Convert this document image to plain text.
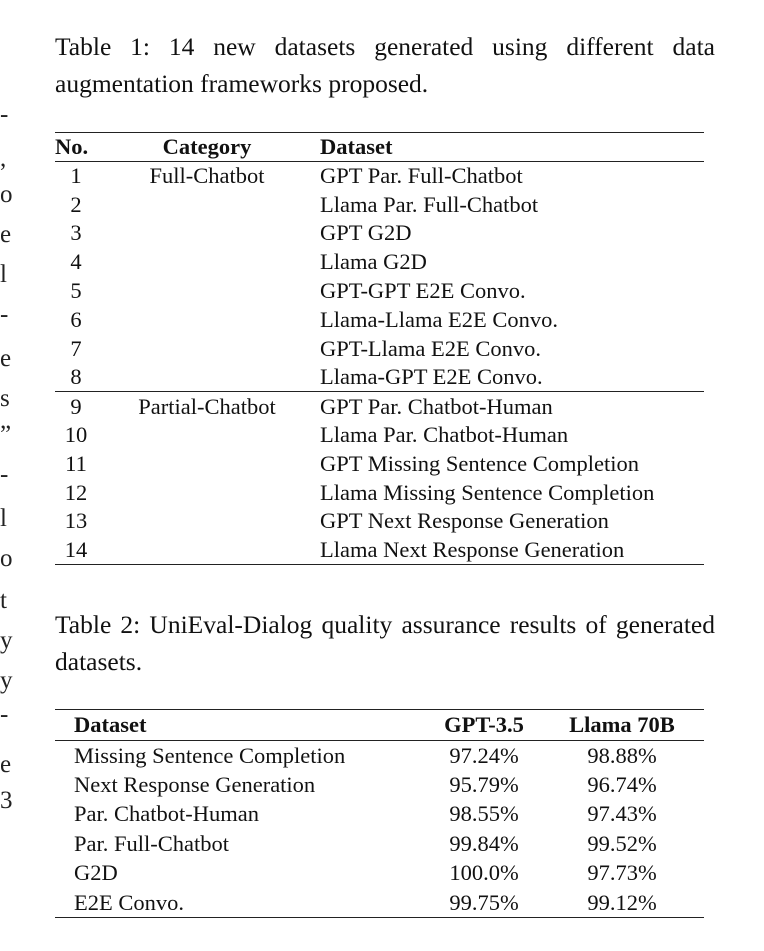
-
,
o
e
l
-
e
s
”
-
l
o
t
y
y
-
e
3
Table 1: 14 new datasets generated using different data augmentation frameworks proposed.
No.	Category	Dataset
1	Full-Chatbot	GPT Par. Full-Chatbot
2		Llama Par. Full-Chatbot
3		GPT G2D
4		Llama G2D
5		GPT-GPT E2E Convo.
6		Llama-Llama E2E Convo.
7		GPT-Llama E2E Convo.
8		Llama-GPT E2E Convo.
9	Partial-Chatbot	GPT Par. Chatbot-Human
10		Llama Par. Chatbot-Human
11		GPT Missing Sentence Completion
12		Llama Missing Sentence Completion
13		GPT Next Response Generation
14		Llama Next Response Generation
Table 2: UniEval-Dialog quality assurance results of generated datasets.
Dataset	GPT-3.5	Llama 70B
Missing Sentence Completion	97.24%	98.88%
Next Response Generation	95.79%	96.74%
Par. Chatbot-Human	98.55%	97.43%
Par. Full-Chatbot	99.84%	99.52%
G2D	100.0%	97.73%
E2E Convo.	99.75%	99.12%
